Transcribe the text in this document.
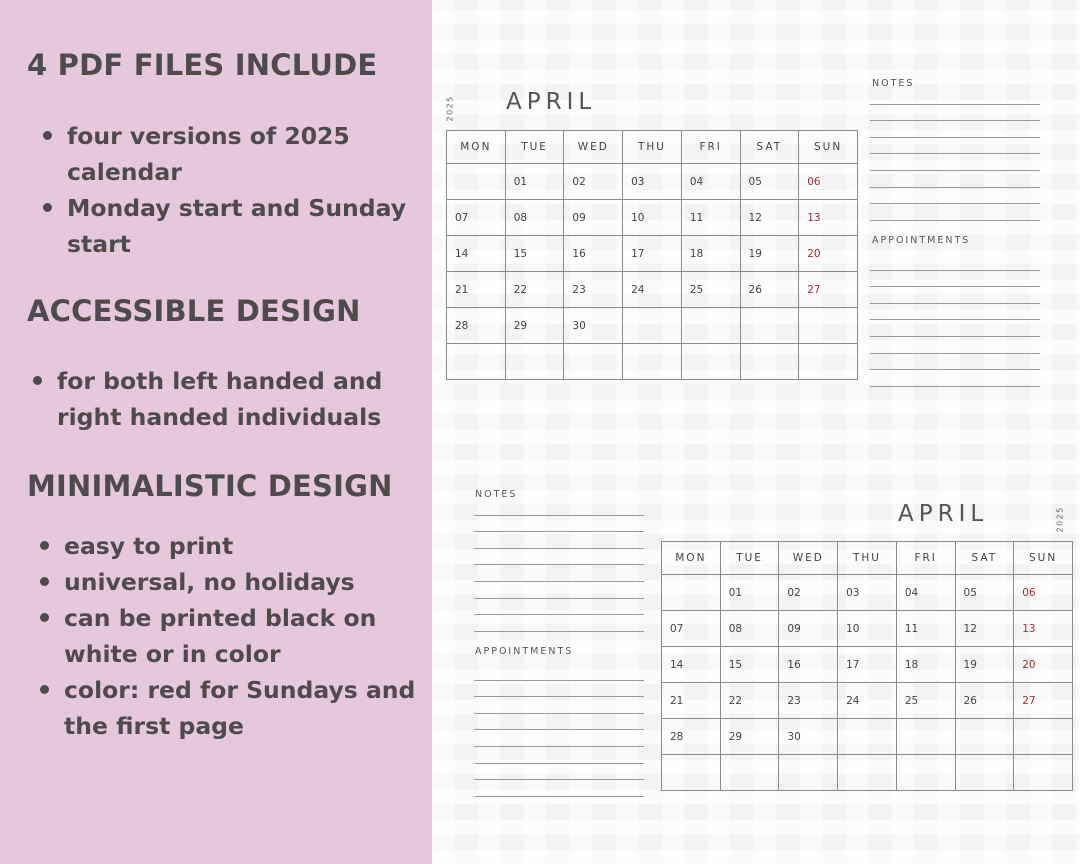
4 PDF FILES INCLUDE
four versions of 2025 calendar
Monday start and Sunday start
ACCESSIBLE DESIGN
for both left handed and right handed individuals
MINIMALISTIC DESIGN
easy to print
universal, no holidays
can be printed black on white or in color
color: red for Sundays and the first page
2025 APRIL
MON	TUE	WED	THU	FRI	SAT	SUN
	01	02	03	04	05	06
07	08	09	10	11	12	13
14	15	16	17	18	19	20
21	22	23	24	25	26	27
28	29	30				

NOTES
APPOINTMENTS
NOTES
APPOINTMENTS
APRIL	2025
MON	TUE	WED	THU	FRI	SAT	SUN
	01	02	03	04	05	06
07	08	09	10	11	12	13
14	15	16	17	18	19	20
21	22	23	24	25	26	27
28	29	30				
